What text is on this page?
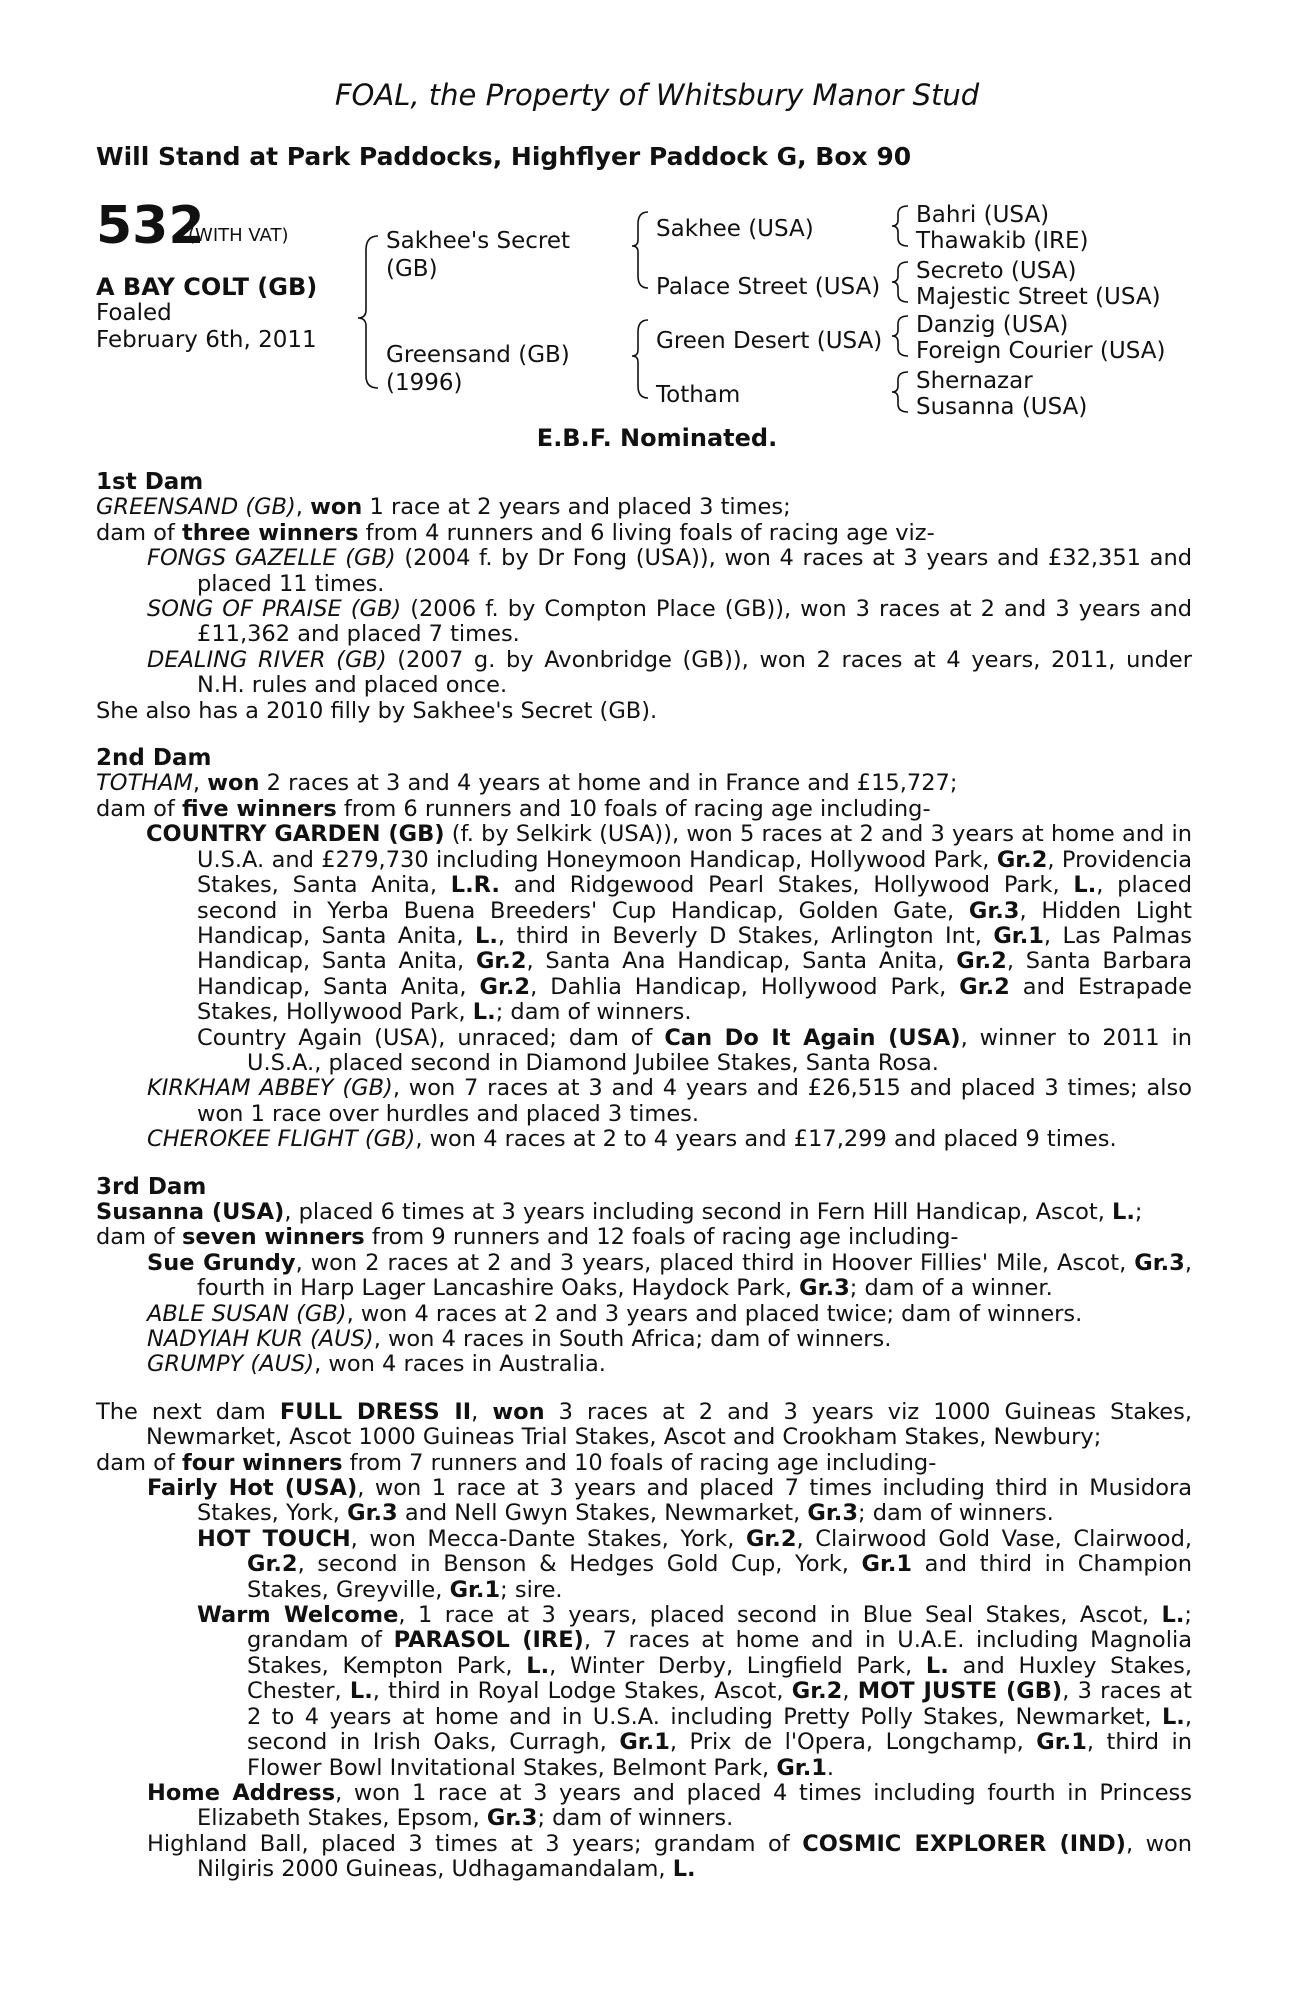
FOAL, the Property of Whitsbury Manor Stud
Will Stand at Park Paddocks, Highflyer Paddock G, Box 90
532
(WITH VAT)
A BAY COLT (GB)
Foaled
February 6th, 2011
Sakhee's Secret
(GB)
Greensand (GB)
(1996)
Sakhee (USA)
Palace Street (USA)
Green Desert (USA)
Totham
Bahri (USA)
Thawakib (IRE)
Secreto (USA)
Majestic Street (USA)
Danzig (USA)
Foreign Courier (USA)
Shernazar
Susanna (USA)
E.B.F. Nominated.
1st Dam

GREENSAND (GB), won 1 race at 2 years and placed 3 times;

dam of three winners from 4 runners and 6 living foals of racing age viz-

FONGS GAZELLE (GB) (2004 f. by Dr Fong (USA)), won 4 races at 3 years and £32,351 and placed 11 times.

SONG OF PRAISE (GB) (2006 f. by Compton Place (GB)), won 3 races at 2 and 3 years and £11,362 and placed 7 times.

DEALING RIVER (GB) (2007 g. by Avonbridge (GB)), won 2 races at 4 years, 2011, under N.H. rules and placed once.

She also has a 2010 filly by Sakhee's Secret (GB).

2nd Dam

TOTHAM, won 2 races at 3 and 4 years at home and in France and £15,727;

dam of five winners from 6 runners and 10 foals of racing age including-

COUNTRY GARDEN (GB) (f. by Selkirk (USA)), won 5 races at 2 and 3 years at home and in U.S.A. and £279,730 including Honeymoon Handicap, Hollywood Park, Gr.2, Providencia Stakes, Santa Anita, L.R. and Ridgewood Pearl Stakes, Hollywood Park, L., placed second in Yerba Buena Breeders' Cup Handicap, Golden Gate, Gr.3, Hidden Light Handicap, Santa Anita, L., third in Beverly D Stakes, Arlington Int, Gr.1, Las Palmas Handicap, Santa Anita, Gr.2, Santa Ana Handicap, Santa Anita, Gr.2, Santa Barbara Handicap, Santa Anita, Gr.2, Dahlia Handicap, Hollywood Park, Gr.2 and Estrapade Stakes, Hollywood Park, L.; dam of winners.

Country Again (USA), unraced; dam of Can Do It Again (USA), winner to 2011 in U.S.A., placed second in Diamond Jubilee Stakes, Santa Rosa.

KIRKHAM ABBEY (GB), won 7 races at 3 and 4 years and £26,515 and placed 3 times; also won 1 race over hurdles and placed 3 times.

CHEROKEE FLIGHT (GB), won 4 races at 2 to 4 years and £17,299 and placed 9 times.

3rd Dam

Susanna (USA), placed 6 times at 3 years including second in Fern Hill Handicap, Ascot, L.;

dam of seven winners from 9 runners and 12 foals of racing age including-

Sue Grundy, won 2 races at 2 and 3 years, placed third in Hoover Fillies' Mile, Ascot, Gr.3, fourth in Harp Lager Lancashire Oaks, Haydock Park, Gr.3; dam of a winner.

ABLE SUSAN (GB), won 4 races at 2 and 3 years and placed twice; dam of winners.

NADYIAH KUR (AUS), won 4 races in South Africa; dam of winners.

GRUMPY (AUS), won 4 races in Australia.

The next dam FULL DRESS II, won 3 races at 2 and 3 years viz 1000 Guineas Stakes, Newmarket, Ascot 1000 Guineas Trial Stakes, Ascot and Crookham Stakes, Newbury;

dam of four winners from 7 runners and 10 foals of racing age including-

Fairly Hot (USA), won 1 race at 3 years and placed 7 times including third in Musidora Stakes, York, Gr.3 and Nell Gwyn Stakes, Newmarket, Gr.3; dam of winners.

HOT TOUCH, won Mecca-Dante Stakes, York, Gr.2, Clairwood Gold Vase, Clairwood, Gr.2, second in Benson & Hedges Gold Cup, York, Gr.1 and third in Champion Stakes, Greyville, Gr.1; sire.

Warm Welcome, 1 race at 3 years, placed second in Blue Seal Stakes, Ascot, L.; grandam of PARASOL (IRE), 7 races at home and in U.A.E. including Magnolia Stakes, Kempton Park, L., Winter Derby, Lingfield Park, L. and Huxley Stakes, Chester, L., third in Royal Lodge Stakes, Ascot, Gr.2, MOT JUSTE (GB), 3 races at 2 to 4 years at home and in U.S.A. including Pretty Polly Stakes, Newmarket, L., second in Irish Oaks, Curragh, Gr.1, Prix de l'Opera, Longchamp, Gr.1, third in Flower Bowl Invitational Stakes, Belmont Park, Gr.1.

Home Address, won 1 race at 3 years and placed 4 times including fourth in Princess Elizabeth Stakes, Epsom, Gr.3; dam of winners.

Highland Ball, placed 3 times at 3 years; grandam of COSMIC EXPLORER (IND), won Nilgiris 2000 Guineas, Udhagamandalam, L.
